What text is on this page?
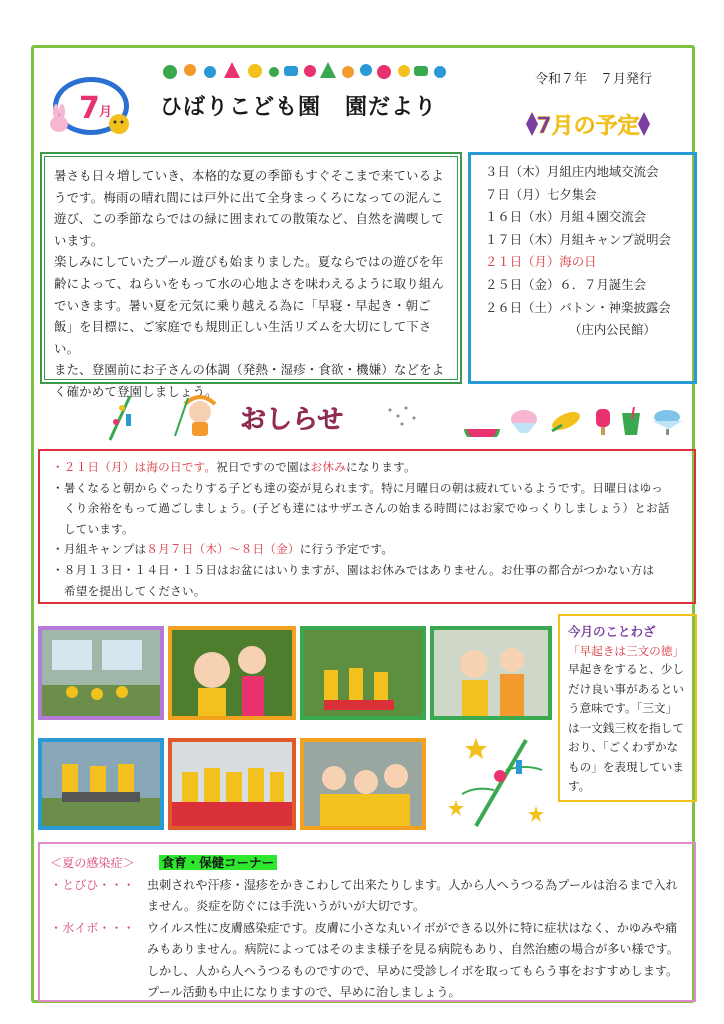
7 月 ひばりこども園 園だより
令和７年　７月発行
7月の予定

暑さも日々増していき、本格的な夏の季節もすぐそこまで来ているようです。梅雨の晴れ間には戸外に出て全身まっくろになっての泥んこ遊び、この季節ならではの緑に囲まれての散策など、自然を満喫しています。

楽しみにしていたプール遊びも始まりました。夏ならではの遊びを年齢によって、ねらいをもって水の心地よさを味わえるように取り組んでいきます。暑い夏を元気に乗り越える為に「早寝・早起き・朝ご飯」を目標に、ご家庭でも規則正しい生活リズムを大切にして下さい。

また、登園前にお子さんの体調（発熱・湿疹・食欲・機嫌）などをよく確かめて登園しましょう。

３日（木）月組庄内地域交流会
７日（月）七夕集会
１６日（水）月組４園交流会
１７日（木）月組キャンプ説明会
２１日（月）海の日
２５日（金）６．７月誕生会
２６日（土）バトン・神楽披露会
（庄内公民館）
おしらせ
・２１日（月）は海の日です。祝日ですので園はお休みになります。
・暑くなると朝からぐったりする子ども達の姿が見られます。特に月曜日の朝は疲れているようです。日曜日はゆっ
くり余裕をもって過ごしましょう。(子ども達にはサザエさんの始まる時間にはお家でゆっくりしましょう）とお話
しています。
・月組キャンプは８月７日（木）～８日（金）に行う予定です。
・８月１３日・１４日・１５日はお盆にはいりますが、園はお休みではありません。お仕事の都合がつかない方は
希望を提出してください。
今月のことわざ
「早起きは三文の徳」
早起きをすると、少しだけ良い事があるという意味です。「三文」は一文銭三枚を指しており、「ごくわずかなもの」を表現しています。
＜夏の感染症＞ 食育・保健コーナー
・とびひ・・・	虫刺されや汗疹・湿疹をかきこわして出来たりします。人から人へうつる為プールは治るまで入れません。炎症を防ぐには手洗いうがいが大切です。
・水イボ・・・	ウイルス性に皮膚感染症です。皮膚に小さな丸いイボができる以外に特に症状はなく、かゆみや痛みもありません。病院によってはそのまま様子を見る病院もあり、自然治癒の場合が多い様です。しかし、人から人へうつるものですので、早めに受診しイボを取ってもらう事をおすすめします。プール活動も中止になりますので、早めに治しましょう。
